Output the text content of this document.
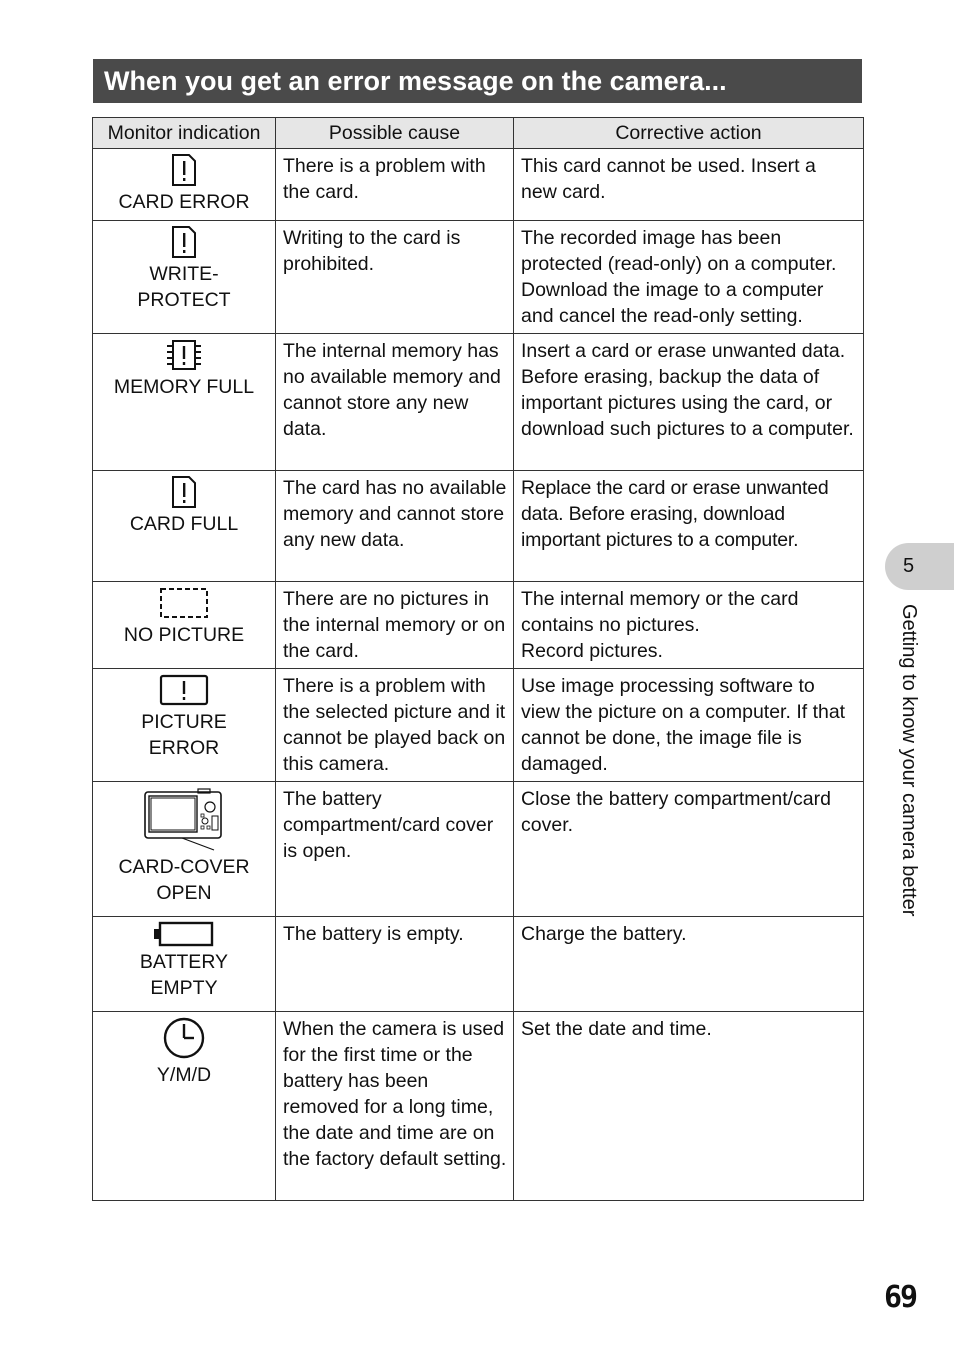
When you get an error message on the camera...
Monitor indication	Possible cause	Corrective action

CARD ERROR	There is a problem with the card.	This card cannot be used. Insert a new card.

WRITE-
PROTECT	Writing to the card is prohibited.	The recorded image has been protected (read-only) on a computer. Download the image to a computer and cancel the read-only setting.

MEMORY FULL	The internal memory has no available memory and cannot store any new data.	Insert a card or erase unwanted data. Before erasing, backup the data of important pictures using the card, or download such pictures to a computer.

CARD FULL	The card has no available memory and cannot store any new data.	Replace the card or erase unwanted data. Before erasing, download important pictures to a computer.

NO PICTURE	There are no pictures in the internal memory or on the card.	The internal memory or the card contains no pictures.
Record pictures.

PICTURE
ERROR	There is a problem with the selected picture and it cannot be played back on this camera.	Use image processing software to view the picture on a computer. If that cannot be done, the image file is damaged.

CARD-COVER
OPEN	The battery compartment/card cover is open.	Close the battery compartment/card cover.

BATTERY
EMPTY	The battery is empty.	Charge the battery.

Y/M/D	When the camera is used for the first time or the battery has been removed for a long time, the date and time are on the factory default setting.	Set the date and time.
5
Getting to know your camera better
69
